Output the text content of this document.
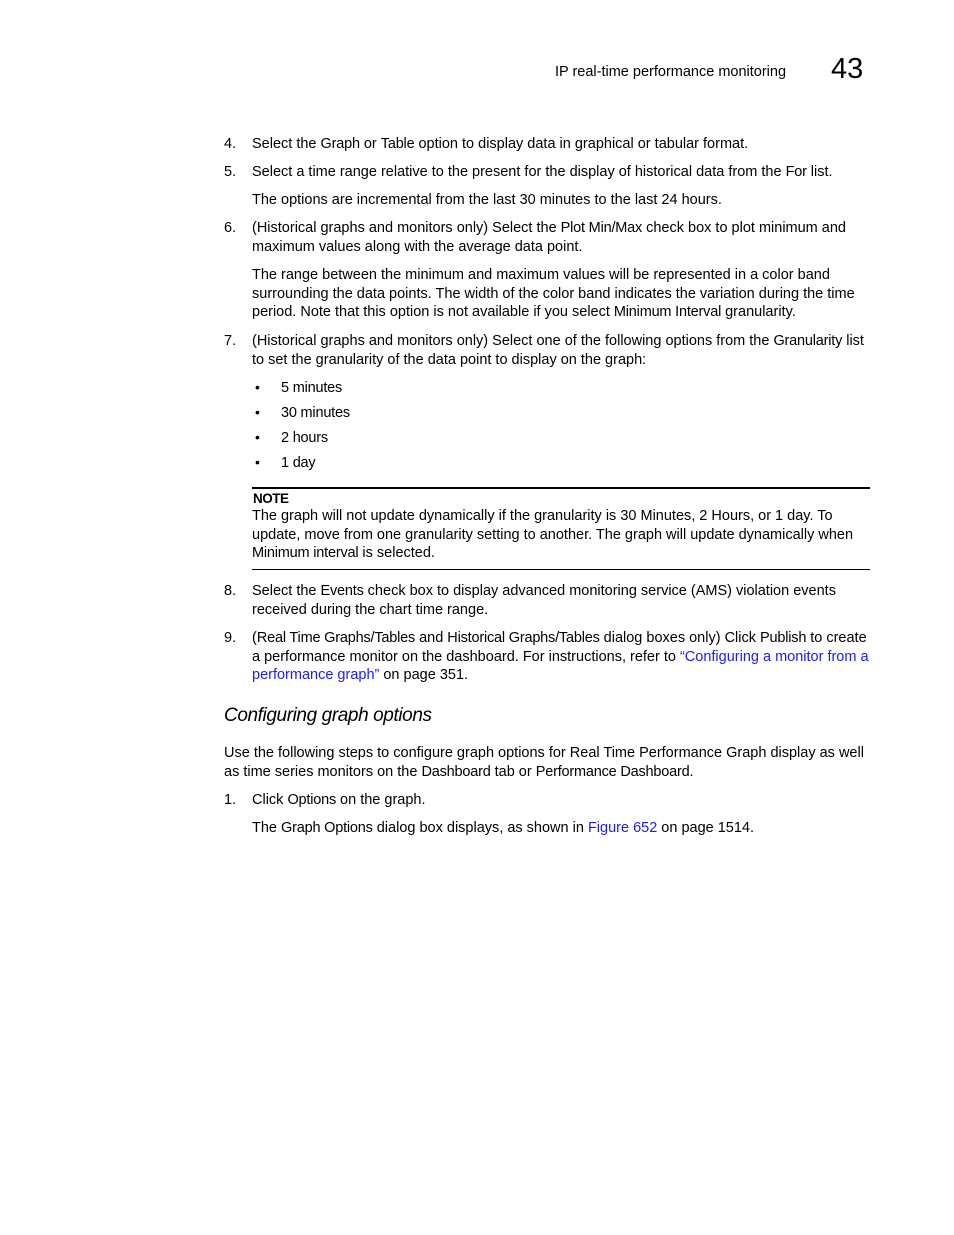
IP real-time performance monitoring 43
4. Select the Graph or Table option to display data in graphical or tabular format.
5. Select a time range relative to the present for the display of historical data from the For list.
The options are incremental from the last 30 minutes to the last 24 hours.
6. (Historical graphs and monitors only) Select the Plot Min/Max check box to plot minimum and maximum values along with the average data point.
The range between the minimum and maximum values will be represented in a color band surrounding the data points. The width of the color band indicates the variation during the time period. Note that this option is not available if you select Minimum Interval granularity.
7. (Historical graphs and monitors only) Select one of the following options from the Granularity list to set the granularity of the data point to display on the graph:
• 5 minutes
• 30 minutes
• 2 hours
• 1 day
NOTE
The graph will not update dynamically if the granularity is 30 Minutes, 2 Hours, or 1 day. To update, move from one granularity setting to another. The graph will update dynamically when Minimum interval is selected.
8. Select the Events check box to display advanced monitoring service (AMS) violation events received during the chart time range.
9. (Real Time Graphs/Tables and Historical Graphs/Tables dialog boxes only) Click Publish to create a performance monitor on the dashboard. For instructions, refer to “Configuring a monitor from a performance graph” on page 351.
Configuring graph options
Use the following steps to configure graph options for Real Time Performance Graph display as well as time series monitors on the Dashboard tab or Performance Dashboard.
1. Click Options on the graph.
The Graph Options dialog box displays, as shown in Figure 652 on page 1514.
